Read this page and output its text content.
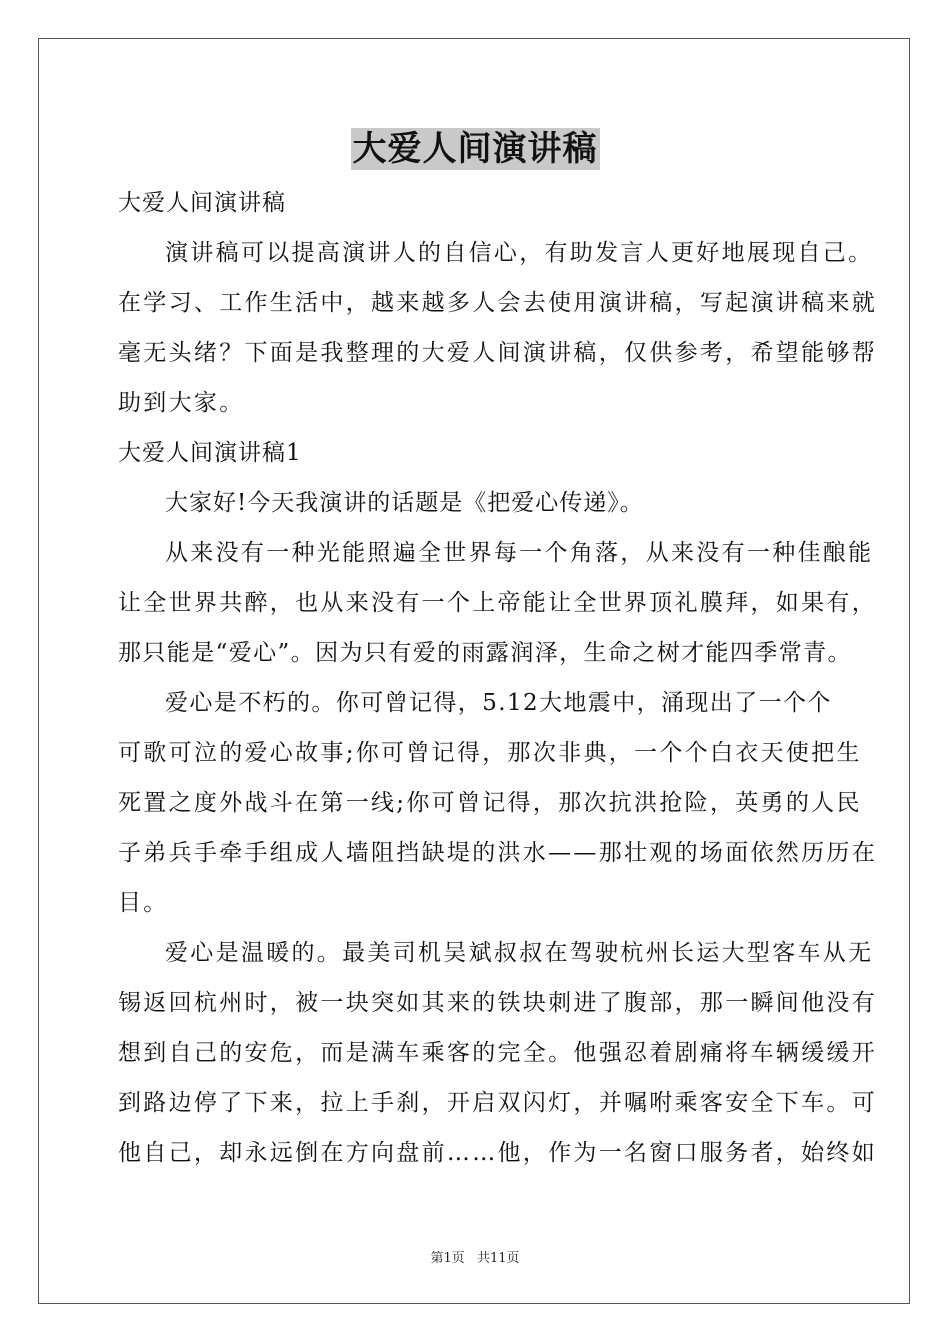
大爱人间演讲稿
大爱人间演讲稿
演讲稿可以提高演讲人的自信心，有助发言人更好地展现自己。
在学习、工作生活中，越来越多人会去使用演讲稿，写起演讲稿来就
毫无头绪？下面是我整理的大爱人间演讲稿，仅供参考，希望能够帮
助到大家。
大爱人间演讲稿1
大家好!今天我演讲的话题是《把爱心传递》。
从来没有一种光能照遍全世界每一个角落，从来没有一种佳酿能
让全世界共醉，也从来没有一个上帝能让全世界顶礼膜拜，如果有，
那只能是“爱心”。因为只有爱的雨露润泽，生命之树才能四季常青。
爱心是不朽的。你可曾记得，5.12大地震中，涌现出了一个个
可歌可泣的爱心故事;你可曾记得，那次非典，一个个白衣天使把生
死置之度外战斗在第一线;你可曾记得，那次抗洪抢险，英勇的人民
子弟兵手牵手组成人墙阻挡缺堤的洪水——那壮观的场面依然历历在
目。
爱心是温暖的。最美司机吴斌叔叔在驾驶杭州长运大型客车从无
锡返回杭州时，被一块突如其来的铁块刺进了腹部，那一瞬间他没有
想到自己的安危，而是满车乘客的完全。他强忍着剧痛将车辆缓缓开
到路边停了下来，拉上手刹，开启双闪灯，并嘱咐乘客安全下车。可
他自己，却永远倒在方向盘前……他，作为一名窗口服务者，始终如
第1页 共11页
